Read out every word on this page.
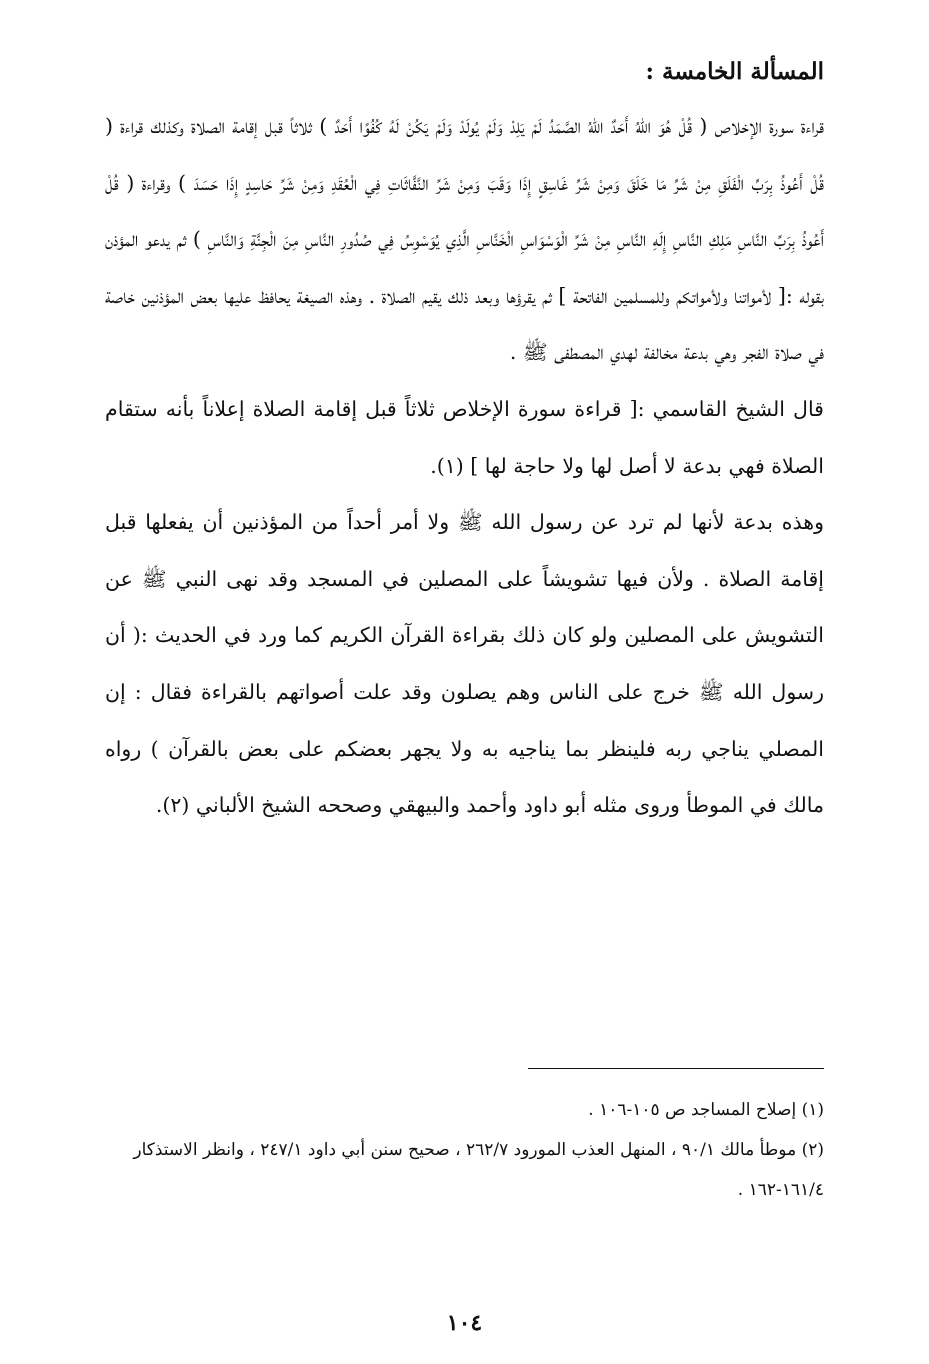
المسألة الخامسة :

قراءة سورة الإخلاص ( قُلْ هُوَ اللهُ أَحَدٌ اللهُ الصَّمَدُ لَمْ يَلِدْ وَلَمْ يُولَدْ وَلَمْ يَكُنْ لَهُ كُفُوًا أَحَدٌ ) ثلاثاً قبل إقامة الصلاة وكذلك قراءة ( قُلْ أَعُوذُ بِرَبِّ الْفَلَقِ مِنْ شَرِّ مَا خَلَقَ وَمِنْ شَرِّ غَاسِقٍ إِذَا وَقَبَ وَمِنْ شَرِّ النَّفَّاثَاتِ فِي الْعُقَدِ وَمِنْ شَرِّ حَاسِدٍ إِذَا حَسَدَ ) وقراءة ( قُلْ أَعُوذُ بِرَبِّ النَّاسِ مَلِكِ النَّاسِ إِلَهِ النَّاسِ مِنْ شَرِّ الْوَسْوَاسِ الْخَنَّاسِ الَّذِي يُوَسْوِسُ فِي صُدُورِ النَّاسِ مِنَ الْجِنَّةِ وَالنَّاسِ ) ثم يدعو المؤذن بقوله :[ لأمواتنا ولأمواتكم وللمسلمين الفاتحة ] ثم يقرؤها وبعد ذلك يقيم الصلاة . وهذه الصيغة يحافظ عليها بعض المؤذنين خاصة في صلاة الفجر وهي بدعة مخالفة لهدي المصطفى ﷺ .

قال الشيخ القاسمي :[ قراءة سورة الإخلاص ثلاثاً قبل إقامة الصلاة إعلاناً بأنه ستقام الصلاة فهي بدعة لا أصل لها ولا حاجة لها ] (١).

وهذه بدعة لأنها لم ترد عن رسول الله ﷺ ولا أمر أحداً من المؤذنين أن يفعلها قبل إقامة الصلاة . ولأن فيها تشويشاً على المصلين في المسجد وقد نهى النبي ﷺ عن التشويش على المصلين ولو كان ذلك بقراءة القرآن الكريم كما ورد في الحديث :( أن رسول الله ﷺ خرج على الناس وهم يصلون وقد علت أصواتهم بالقراءة فقال : إن المصلي يناجي ربه فلينظر بما يناجيه به ولا يجهر بعضكم على بعض بالقرآن ) رواه مالك في الموطأ وروى مثله أبو داود وأحمد والبيهقي وصححه الشيخ الألباني (٢).

(١) إصلاح المساجد ص ١٠٥-١٠٦ .

(٢) موطأ مالك ٩٠/١ ، المنهل العذب المورود ٢٦٢/٧ ، صحيح سنن أبي داود ٢٤٧/١ ، وانظر الاستذكار ١٦١/٤-١٦٢ .

١٠٤
